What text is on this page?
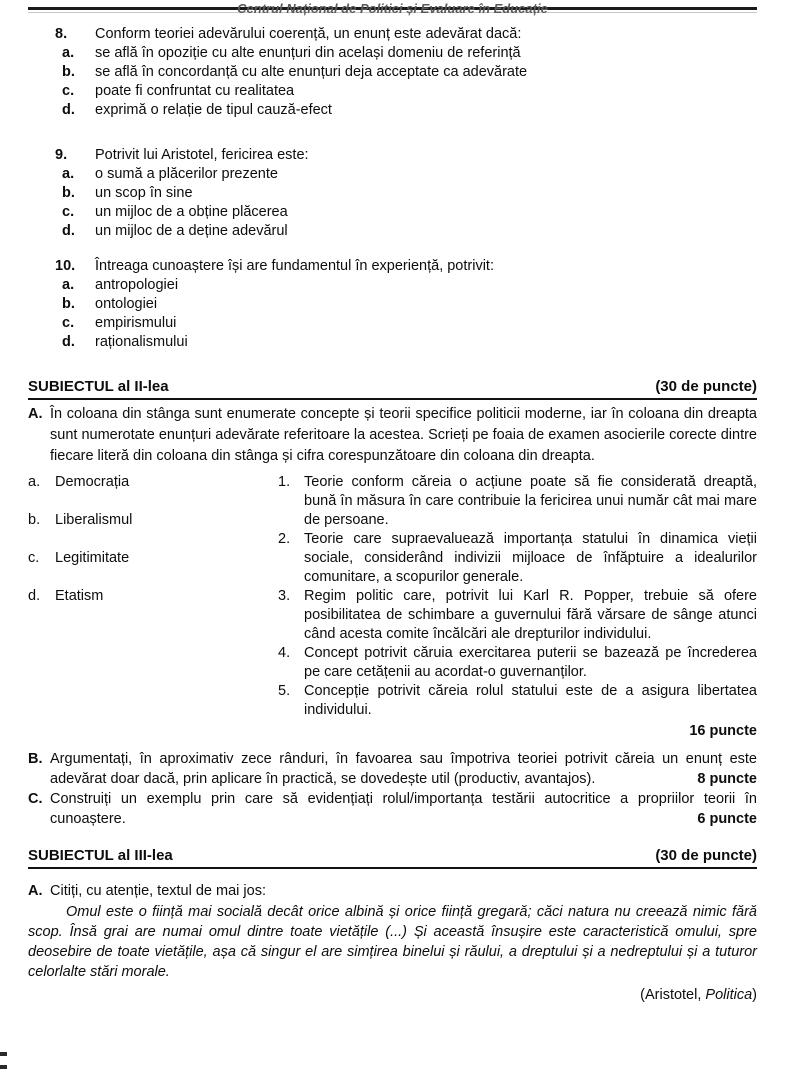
Centrul Național de Politici și Evaluare în Educație
8.	Conform teoriei adevărului coerență, un enunț este adevărat dacă:
a.	se află în opoziție cu alte enunțuri din același domeniu de referință
b.	se află în concordanță cu alte enunțuri deja acceptate ca adevărate
c.	poate fi confruntat cu realitatea
d.	exprimă o relație de tipul cauză-efect
9.	Potrivit lui Aristotel, fericirea este:
a.	o sumă a plăcerilor prezente
b.	un scop în sine
c.	un mijloc de a obține plăcerea
d.	un mijloc de a deține adevărul
10.	Întreaga cunoaștere își are fundamentul în experiență, potrivit:
a.	antropologiei
b.	ontologiei
c.	empirismului
d.	raționalismului
SUBIECTUL al II-lea	(30 de puncte)
A. În coloana din stânga sunt enumerate concepte și teorii specifice politicii moderne, iar în coloana din dreapta sunt numerotate enunțuri adevărate referitoare la acestea. Scrieți pe foaia de examen asocierile corecte dintre fiecare literă din coloana din stânga și cifra corespunzătoare din coloana din dreapta.
a.	Democrația
b.	Liberalismul
c.	Legitimitate
d.	Etatism
1. Teorie conform căreia o acțiune poate să fie considerată dreaptă, bună în măsura în care contribuie la fericirea unui număr cât mai mare de persoane.
2. Teorie care supraevaluează importanța statului în dinamica vieții sociale, considerând indivizii mijloace de înfăptuire a idealurilor comunitare, a scopurilor generale.
3. Regim politic care, potrivit lui Karl R. Popper, trebuie să ofere posibilitatea de schimbare a guvernului fără vărsare de sânge atunci când acesta comite încălcări ale drepturilor individului.
4. Concept potrivit căruia exercitarea puterii se bazează pe încrederea pe care cetățenii au acordat-o guvernanților.
5. Concepție potrivit căreia rolul statului este de a asigura libertatea individului.
16 puncte
B. Argumentați, în aproximativ zece rânduri, în favoarea sau împotriva teoriei potrivit căreia un enunț este adevărat doar dacă, prin aplicare în practică, se dovedește util (productiv, avantajos).	8 puncte
C. Construiți un exemplu prin care să evidențiați rolul/importanța testării autocritice a propriilor teorii în cunoaștere.	6 puncte
SUBIECTUL al III-lea	(30 de puncte)
A. Citiți, cu atenție, textul de mai jos:
Omul este o ființă mai socială decât orice albină și orice ființă gregară; căci natura nu creează nimic fără scop. Însă grai are numai omul dintre toate vietățile (...) Și această însușire este caracteristică omului, spre deosebire de toate vietățile, așa că singur el are simțirea binelui și răului, a dreptului și a nedreptului și a tuturor celorlalte stări morale.
(Aristotel, Politica)
